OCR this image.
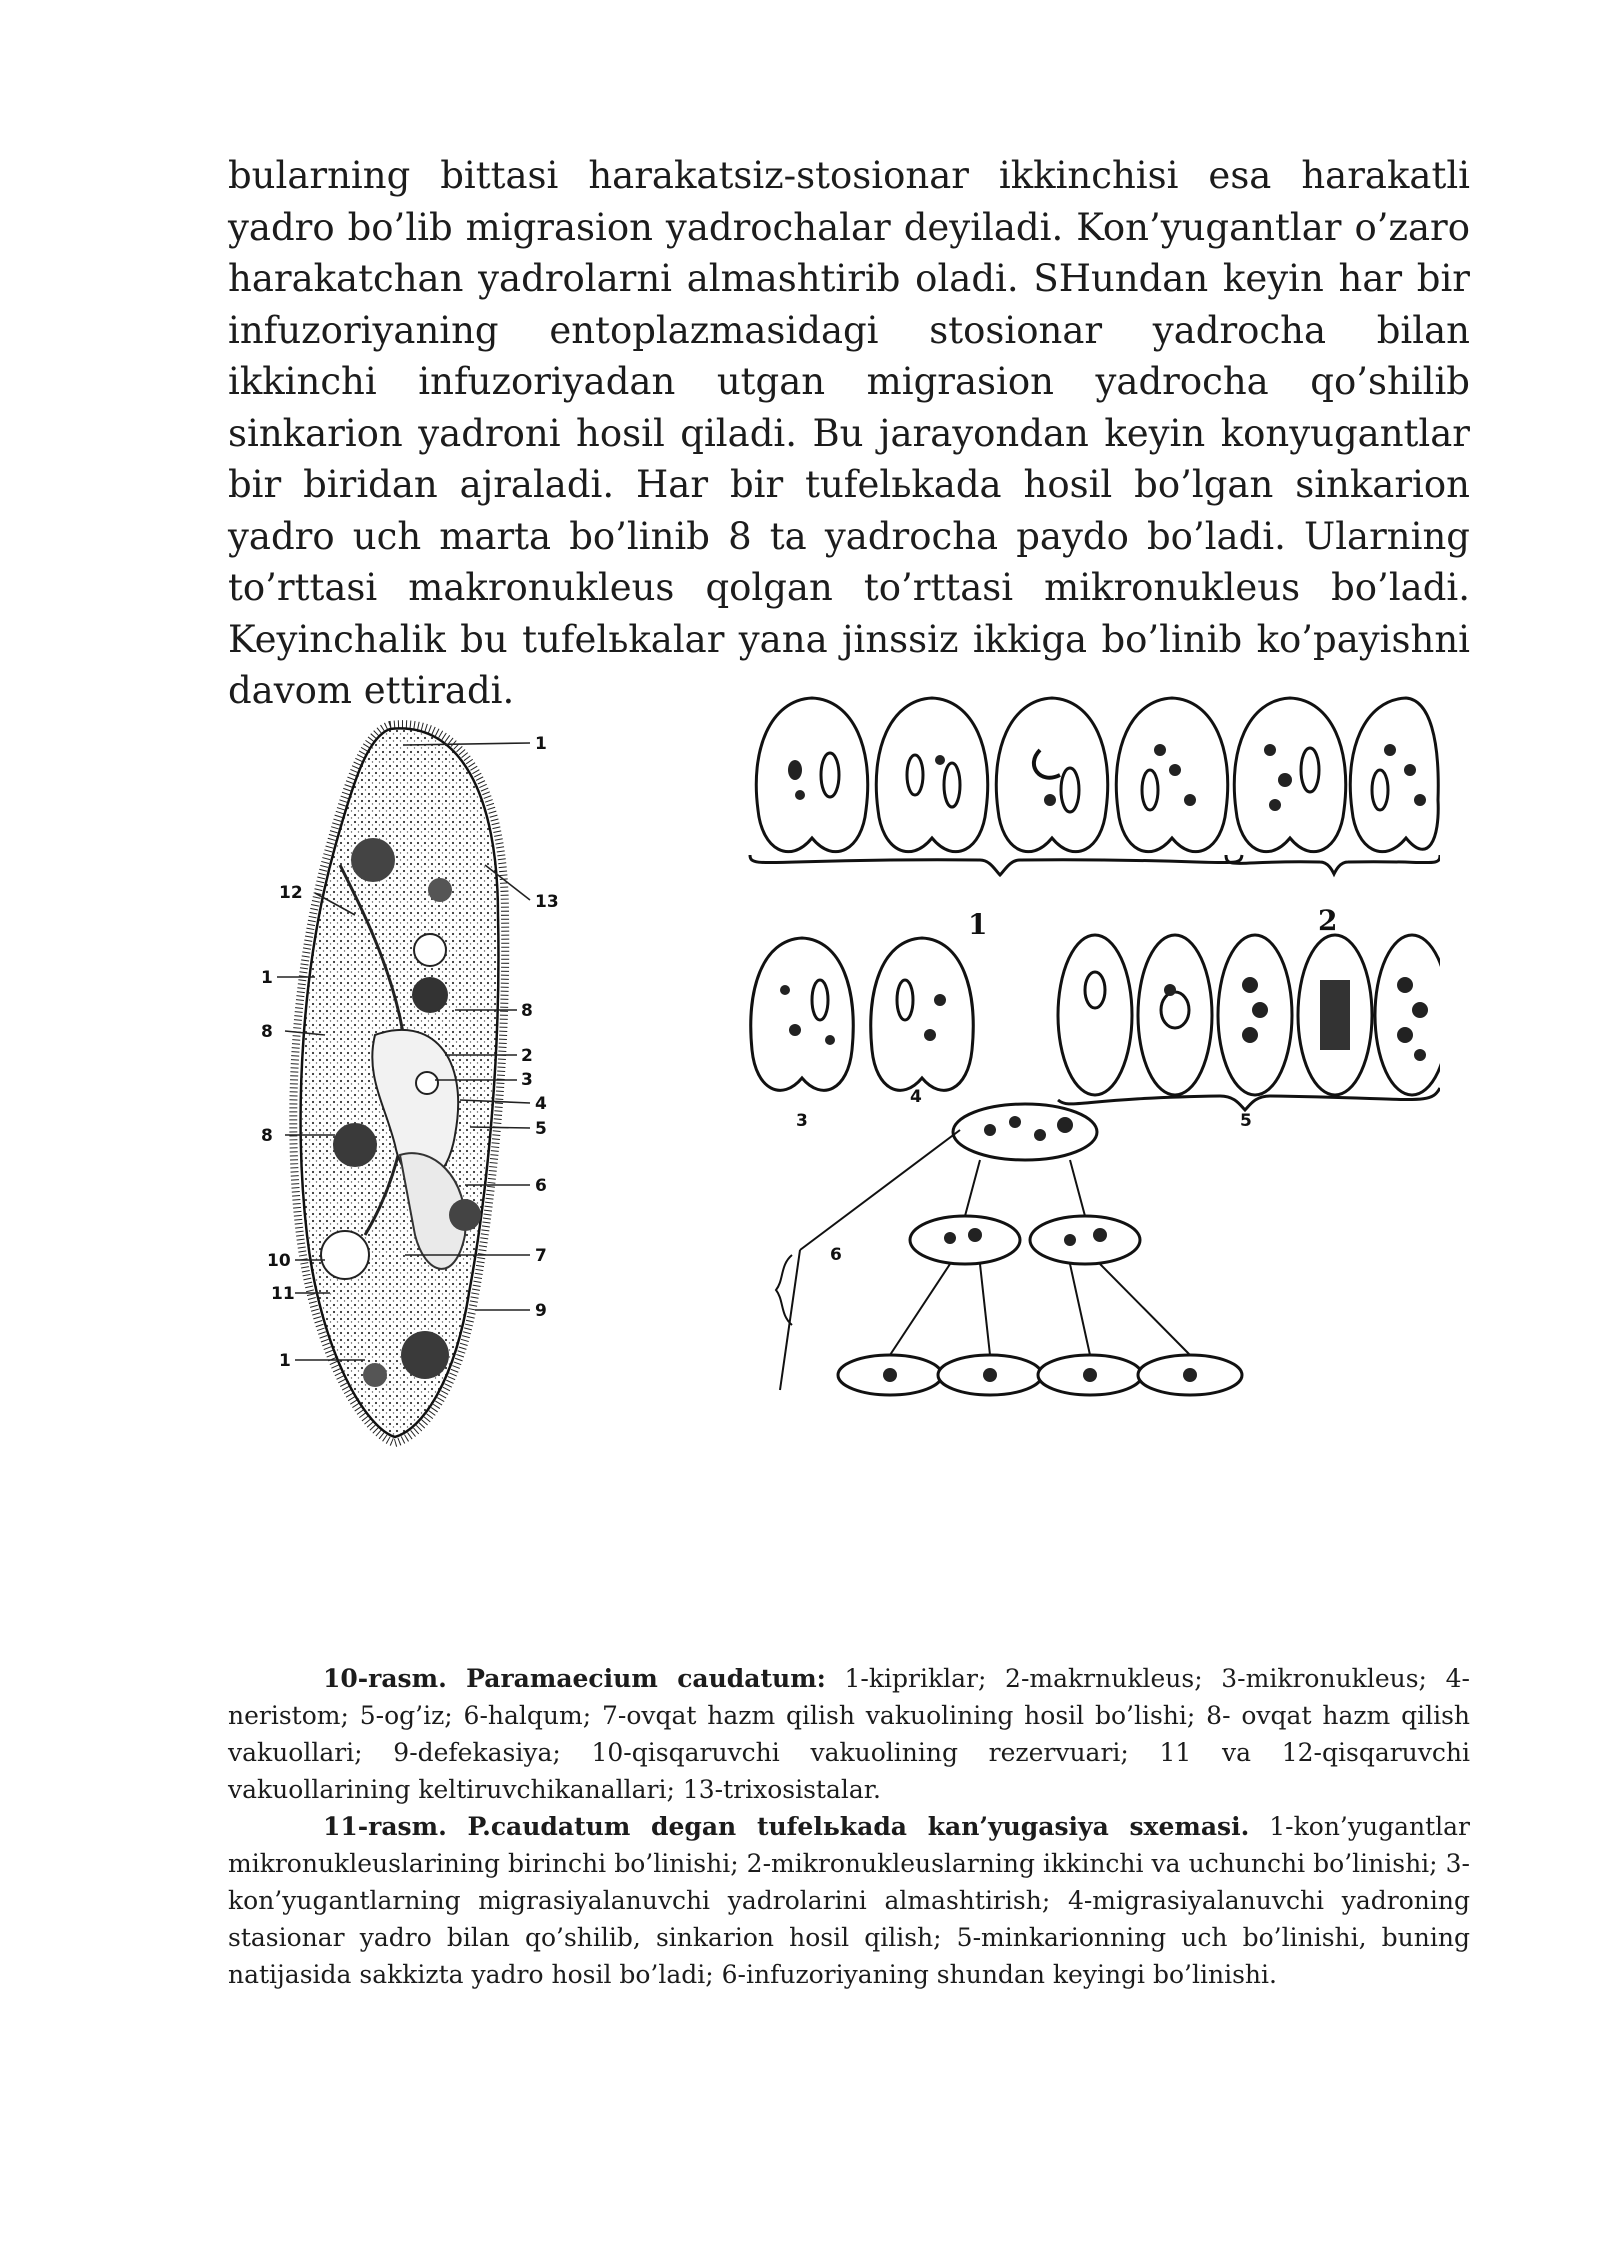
bularning bittasi harakatsiz-stosionar ikkinchisi esa harakatli yadro bo’lib migrasion yadrochalar deyiladi. Kon’yugantlar o’zaro harakatchan yadrolarni almashtirib oladi. SHundan keyin har bir infuzoriyaning entoplazmasidagi stosionar yadrocha bilan ikkinchi infuzoriyadan utgan migrasion yadrocha qo’shilib sinkarion yadroni hosil qiladi. Bu jarayondan keyin konyugantlar bir biridan ajraladi. Har bir tufelьkada hosil bo’lgan sinkarion yadro uch marta bo’linib 8 ta yadrocha paydo bo’ladi. Ularning to’rttasi makronukleus qolgan to’rttasi mikronukleus bo’ladi. Keyinchalik bu tufelьkalar yana jinssiz ikkiga bo’linib ko’payishni davom ettiradi.

1
13
12
1
8
8
2
3
4
5
8
6
7
10
11
9
1
1	2
3
4
5
6

10-rasm. Paramaecium caudatum: 1-kipriklar; 2-makrnukleus; 3-mikronukleus; 4-neristom; 5-og’iz; 6-halqum; 7-ovqat hazm qilish vakuolining hosil bo’lishi; 8- ovqat hazm qilish vakuollari; 9-defekasiya; 10-qisqaruvchi vakuolining rezervuari; 11 va 12-qisqaruvchi vakuollarining keltiruvchikanallari; 13-trixosistalar.

11-rasm. P.caudatum degan tufelьkada kan’yugasiya sxemasi. 1-kon’yugantlar mikronukleuslarining birinchi bo’linishi; 2-mikronukleuslarning ikkinchi va uchunchi bo’linishi; 3-kon’yugantlarning migrasiyalanuvchi yadrolarini almashtirish; 4-migrasiyalanuvchi yadroning stasionar yadro bilan qo’shilib, sinkarion hosil qilish; 5-minkarionning uch bo’linishi, buning natijasida sakkizta yadro hosil bo’ladi; 6-infuzoriyaning shundan keyingi bo’linishi.
